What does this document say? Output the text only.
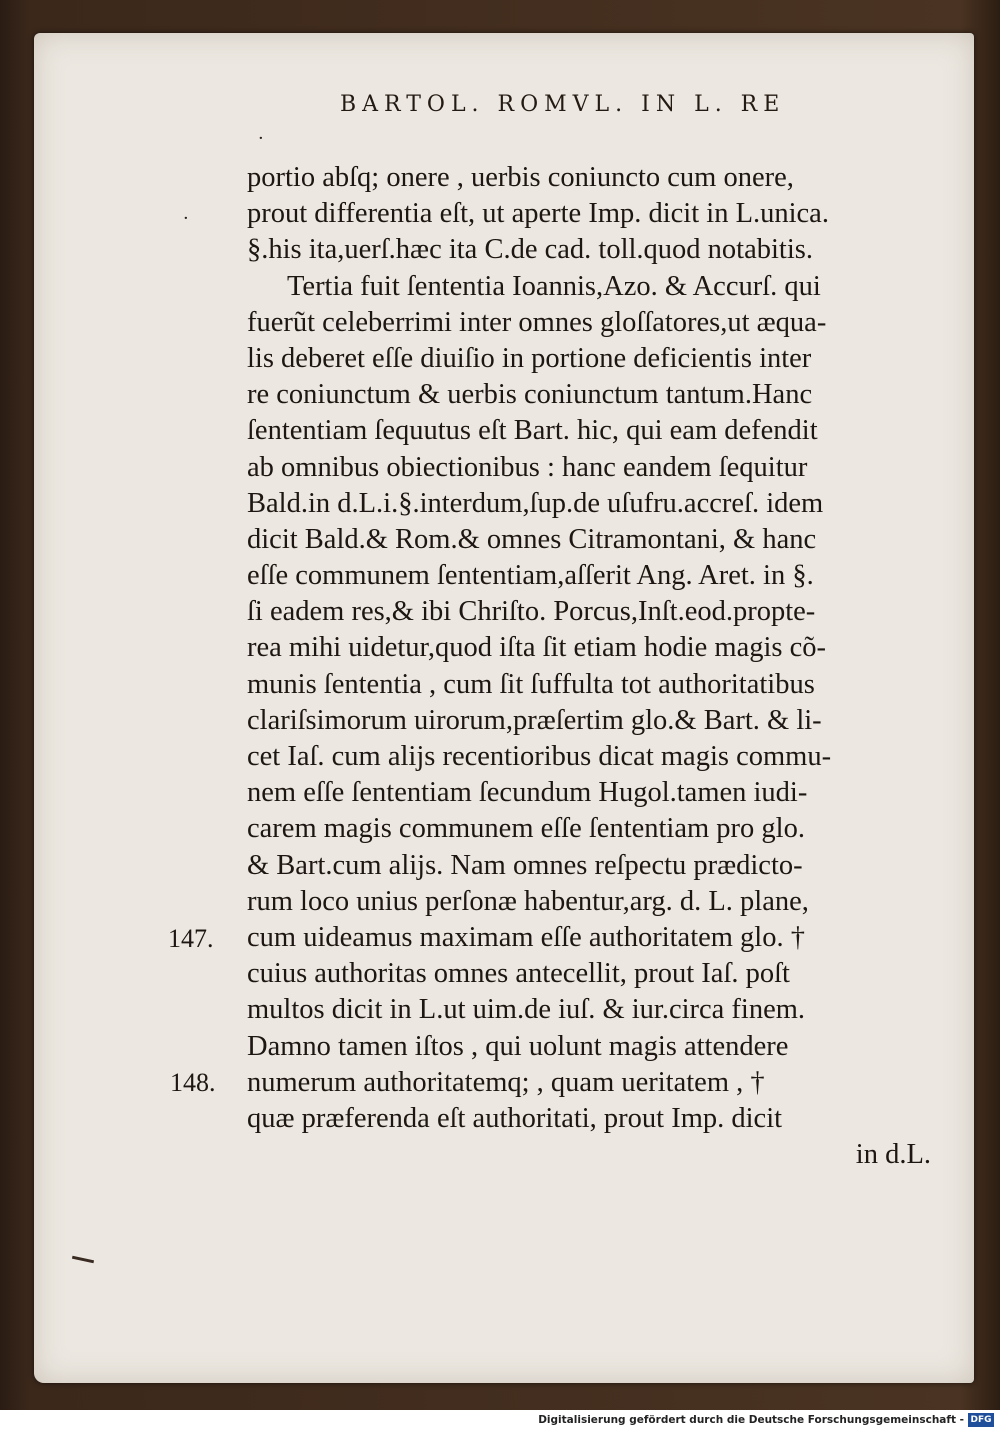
BARTOL. ROMVL. IN L. RE
·
·
portio abſq; onere , uerbis coniuncto cum onere,
prout differentia eſt, ut aperte Imp. dicit in L.unica.
§.his ita,uerſ.hæc ita C.de cad. toll.quod notabitis.
Tertia fuit ſententia Ioannis,Azo. & Accurſ. qui
fuerũt celeberrimi inter omnes gloſſatores,ut æqua-
lis deberet eſſe diuiſio in portione deficientis inter
re coniunctum & uerbis coniunctum tantum.Hanc
ſententiam ſequutus eſt Bart. hic, qui eam defendit
ab omnibus obiectionibus : hanc eandem ſequitur
Bald.in d.L.i.§.interdum,ſup.de uſufru.accreſ. idem
dicit Bald.& Rom.& omnes Citramontani, & hanc
eſſe communem ſententiam,aſſerit Ang. Aret. in §.
ſi eadem res,& ibi Chriſto. Porcus,Inſt.eod.propte-
rea mihi uidetur,quod iſta ſit etiam hodie magis cõ-
munis ſententia , cum ſit ſuffulta tot authoritatibus
clariſsimorum uirorum,præſertim glo.& Bart. & li-
cet Iaſ. cum alijs recentioribus dicat magis commu-
nem eſſe ſententiam ſecundum Hugol.tamen iudi-
carem magis communem eſſe ſententiam pro glo.
& Bart.cum alijs. Nam omnes reſpectu prædicto-
rum loco unius perſonæ habentur,arg. d. L. plane,
cum uideamus maximam eſſe authoritatem glo. †
cuius authoritas omnes antecellit, prout Iaſ. poſt
multos dicit in L.ut uim.de iuſ. & iur.circa finem.
Damno tamen iſtos , qui uolunt magis attendere
numerum authoritatemq; , quam ueritatem , †
quæ præferenda eſt authoritati, prout Imp. dicit
in d.L.
147.
148.
Digitalisierung gefördert durch die Deutsche Forschungsgemeinschaft - DFG
